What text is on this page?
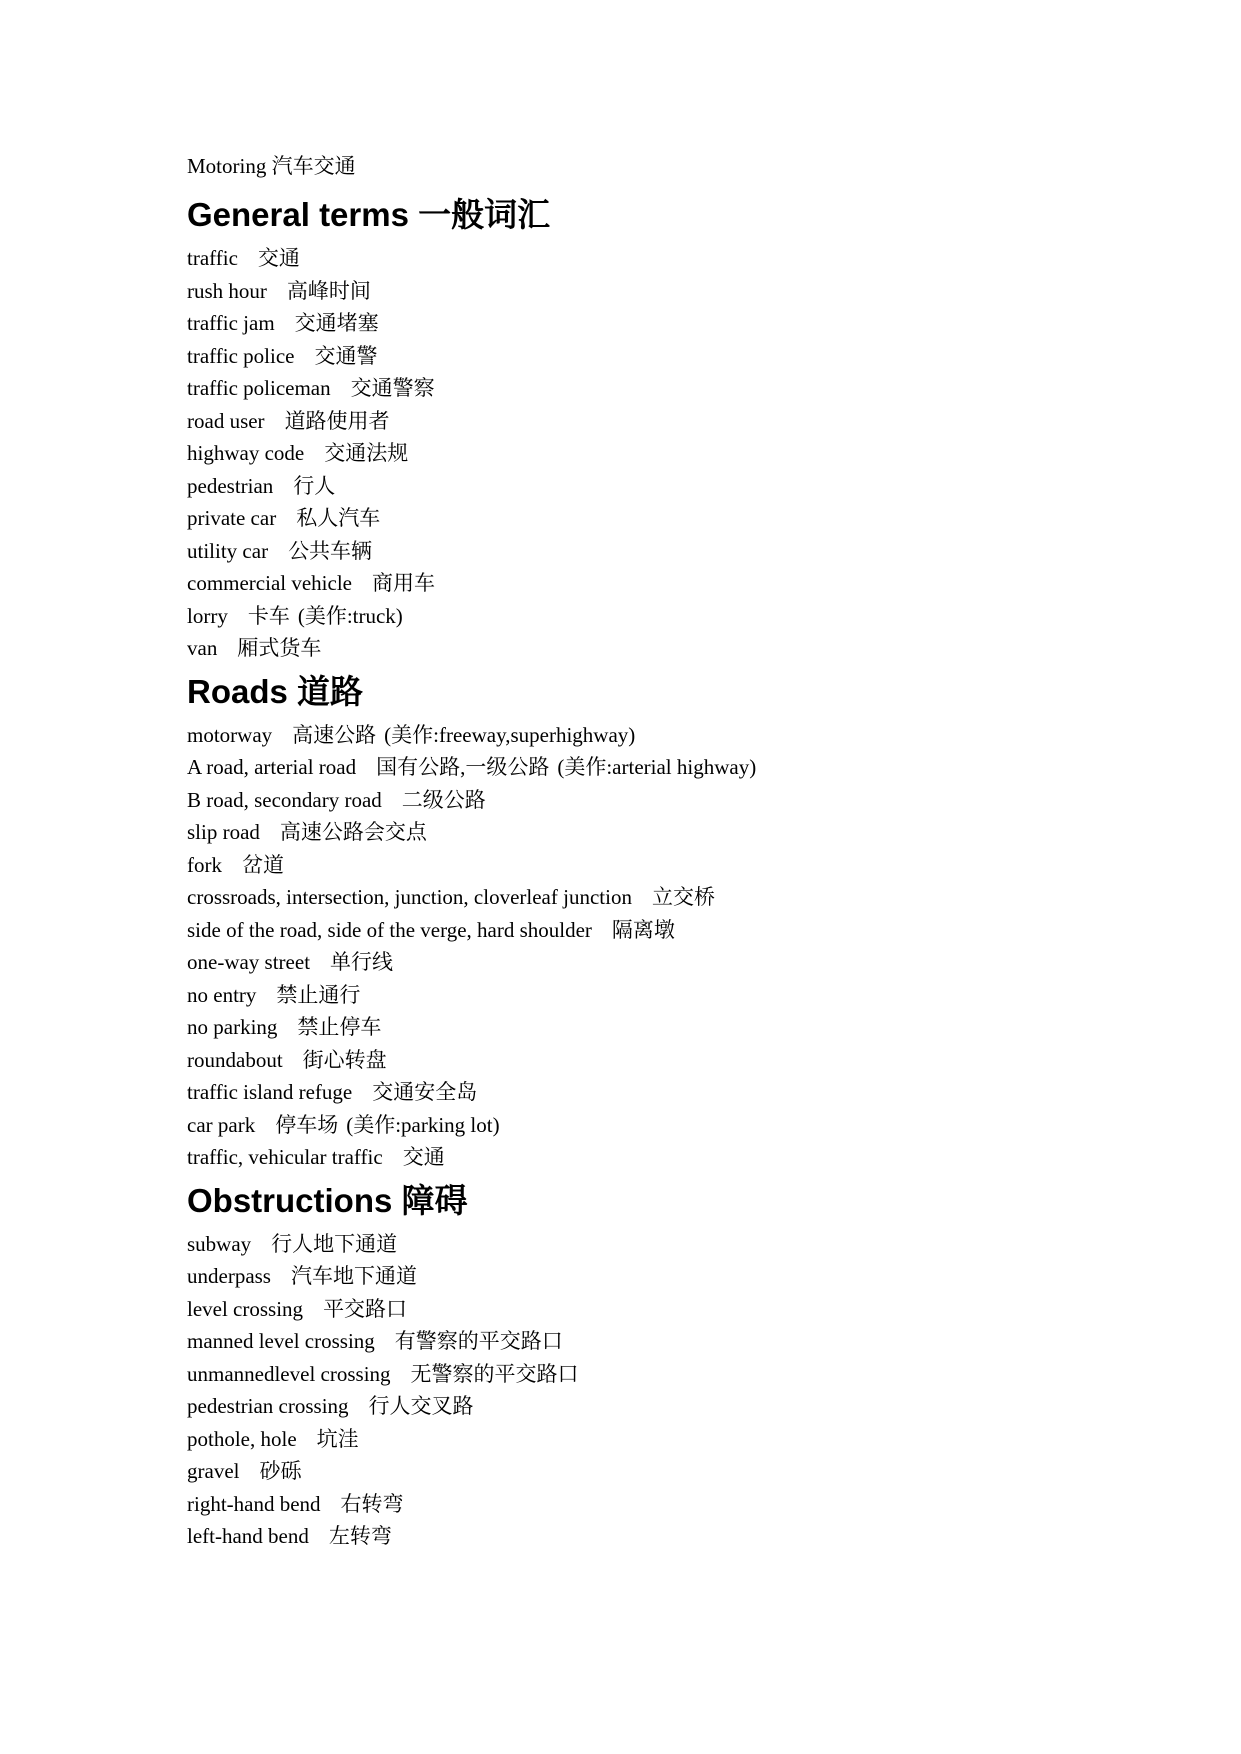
Motoring 汽车交通
General terms 一般词汇
traffic 交通
rush hour 高峰时间
traffic jam 交通堵塞
traffic police 交通警
traffic policeman 交通警察
road user 道路使用者
highway code 交通法规
pedestrian 行人
private car 私人汽车
utility car 公共车辆
commercial vehicle 商用车
lorry 卡车 (美作:truck)
van 厢式货车
Roads 道路
motorway 高速公路 (美作:freeway,superhighway)
A road, arterial road 国有公路,一级公路 (美作:arterial highway)
B road, secondary road 二级公路
slip road 高速公路会交点
fork 岔道
crossroads, intersection, junction, cloverleaf junction 立交桥
side of the road, side of the verge, hard shoulder 隔离墩
one-way street 单行线
no entry 禁止通行
no parking 禁止停车
roundabout 街心转盘
traffic island refuge 交通安全岛
car park 停车场 (美作:parking lot)
traffic, vehicular traffic 交通
Obstructions 障碍
subway 行人地下通道
underpass 汽车地下通道
level crossing 平交路口
manned level crossing 有警察的平交路口
unmannedlevel crossing 无警察的平交路口
pedestrian crossing 行人交叉路
pothole, hole 坑洼
gravel 砂砾
right-hand bend 右转弯
left-hand bend 左转弯
